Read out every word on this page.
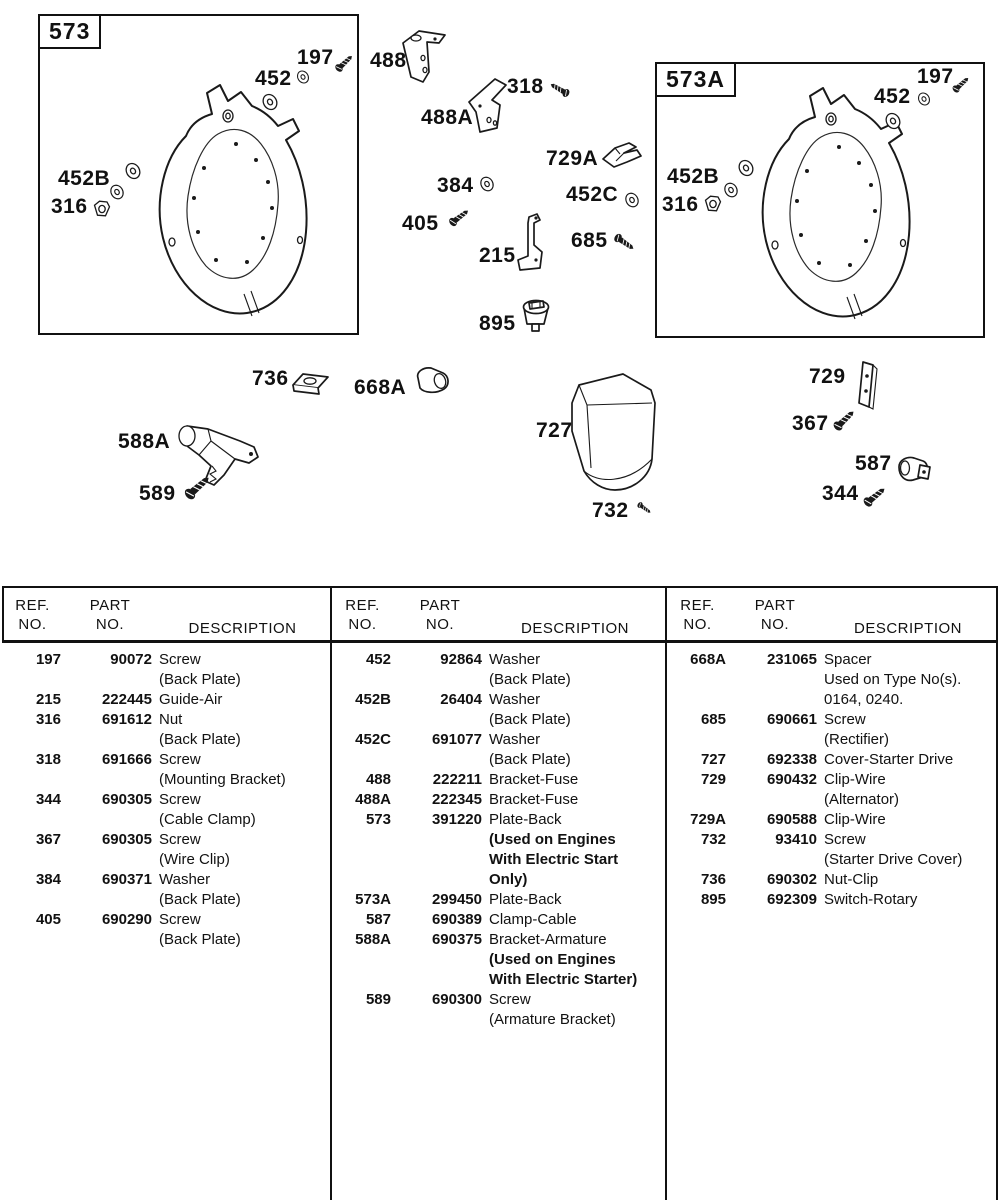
573
573A
197
452
452B
316
488
488A
318
729A
384	452C
405
215
685
895
736	668A
588A
589
727
732
729
367
587
344
197
452
452B
316
REF.
NO.
PART
NO.	DESCRIPTION
197	90072 Screw
(Back Plate)
215	222445 Guide-Air
316	691612 Nut
(Back Plate)
318	691666 Screw
(Mounting Bracket)
344	690305 Screw
(Cable Clamp)
367	690305 Screw
(Wire Clip)
384	690371 Washer
(Back Plate)
405	690290 Screw
(Back Plate)
REF.
NO.
PART
NO.	DESCRIPTION
452	92864 Washer
(Back Plate)
452B	26404 Washer
(Back Plate)
452C	691077 Washer
(Back Plate)
488	222211 Bracket-Fuse
488A	222345 Bracket-Fuse
573	391220 Plate-Back
(Used on Engines
With Electric Start
Only)
573A	299450 Plate-Back
587	690389 Clamp-Cable
588A	690375 Bracket-Armature
(Used on Engines
With Electric Starter)
589	690300 Screw
(Armature Bracket)
REF.
NO.
PART
NO.	DESCRIPTION
668A	231065 Spacer
Used on Type No(s).
0164, 0240.
685	690661 Screw
(Rectifier)
727	692338 Cover-Starter Drive
729	690432 Clip-Wire
(Alternator)
729A	690588 Clip-Wire
732	93410 Screw
(Starter Drive Cover)
736	690302 Nut-Clip
895	692309 Switch-Rotary
